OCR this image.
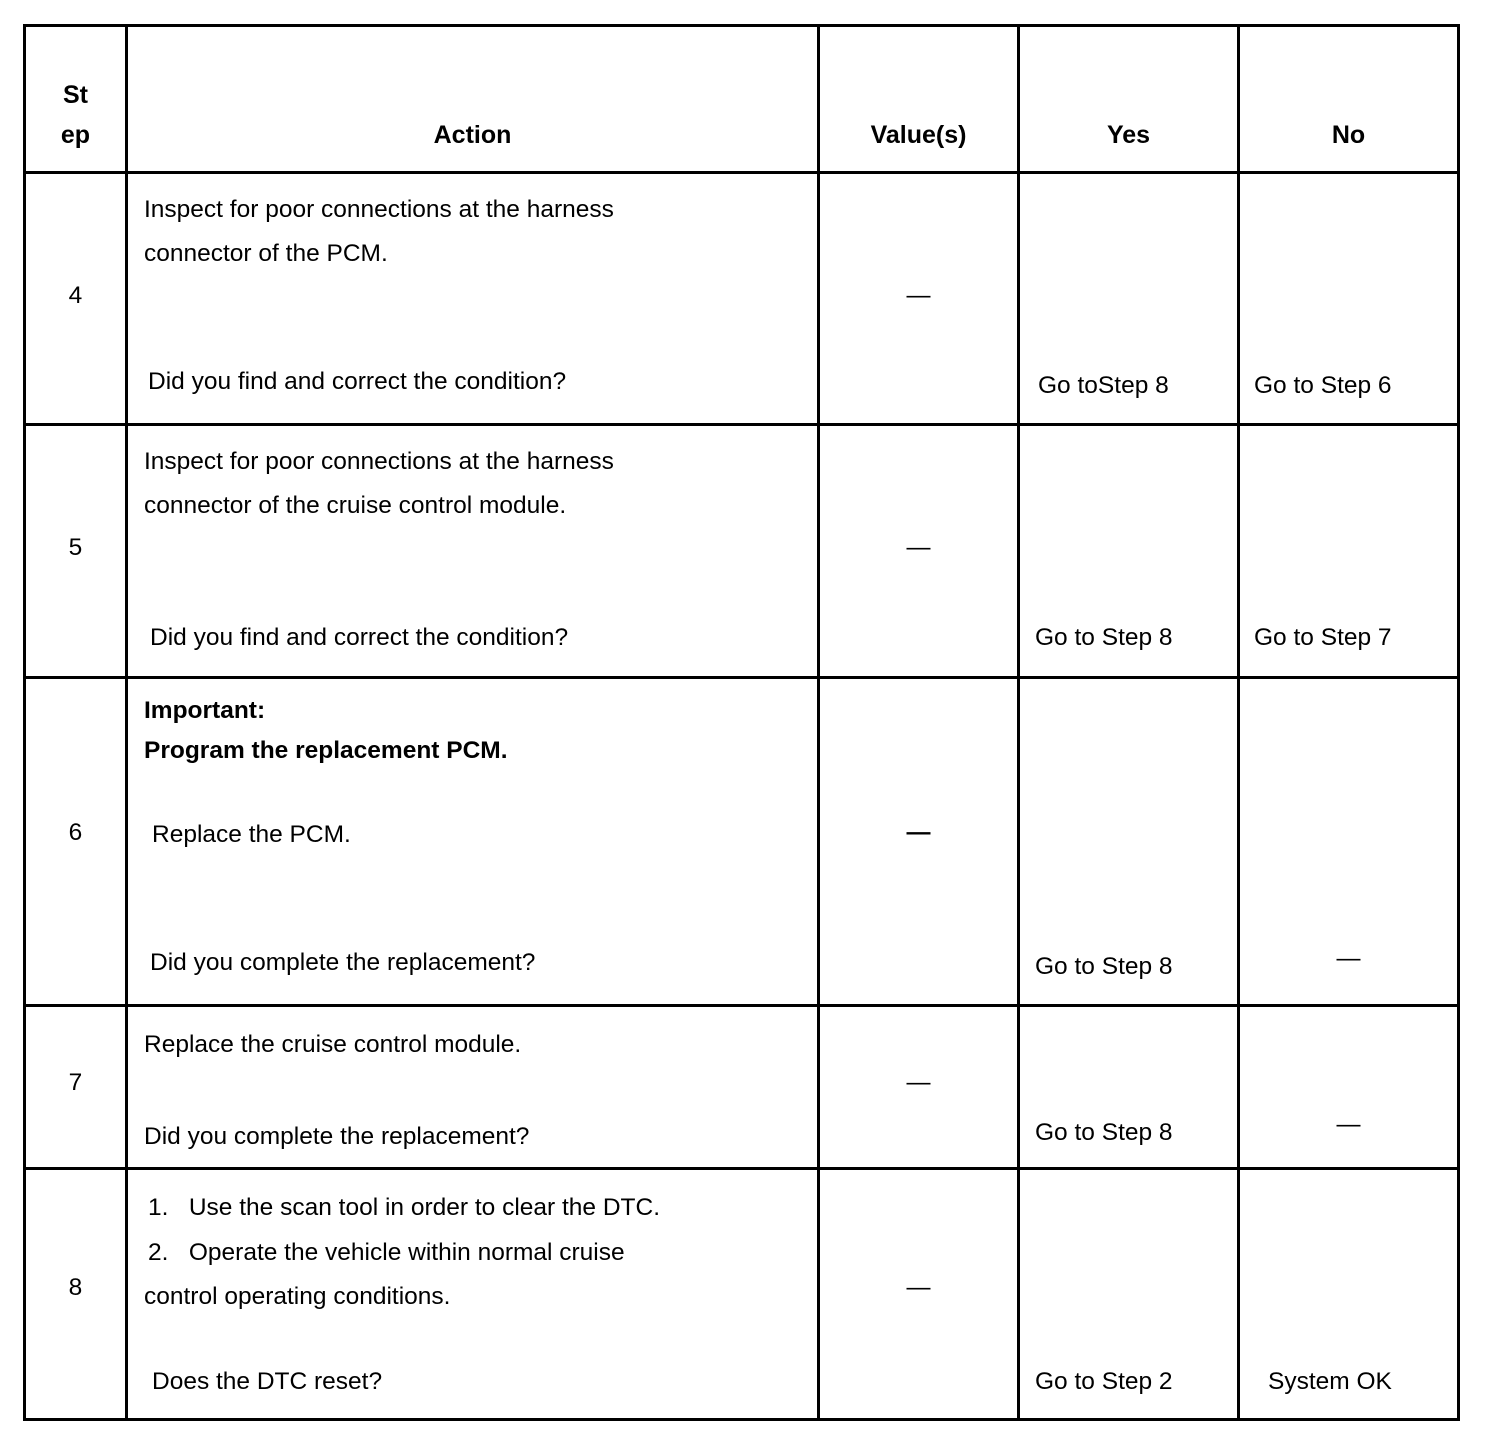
St
ep	Action	Value(s)	Yes	No

4	Inspect for poor connections at the harness
connector of the PCM.
Did you find and correct the condition?	—	Go toStep 8	Go to Step 6

5	Inspect for poor connections at the harness
connector of the cruise control module.
Did you find and correct the condition?	—	Go to Step 8	Go to Step 7

6	Important:
Program the replacement PCM.
Replace the PCM.
Did you complete the replacement?	—	Go to Step 8	—

7	Replace the cruise control module.
Did you complete the replacement?	—	Go to Step 8	—

8	1.   Use the scan tool in order to clear the DTC.
2.   Operate the vehicle within normal cruise
control operating conditions.
Does the DTC reset?	—	Go to Step 2	System OK
